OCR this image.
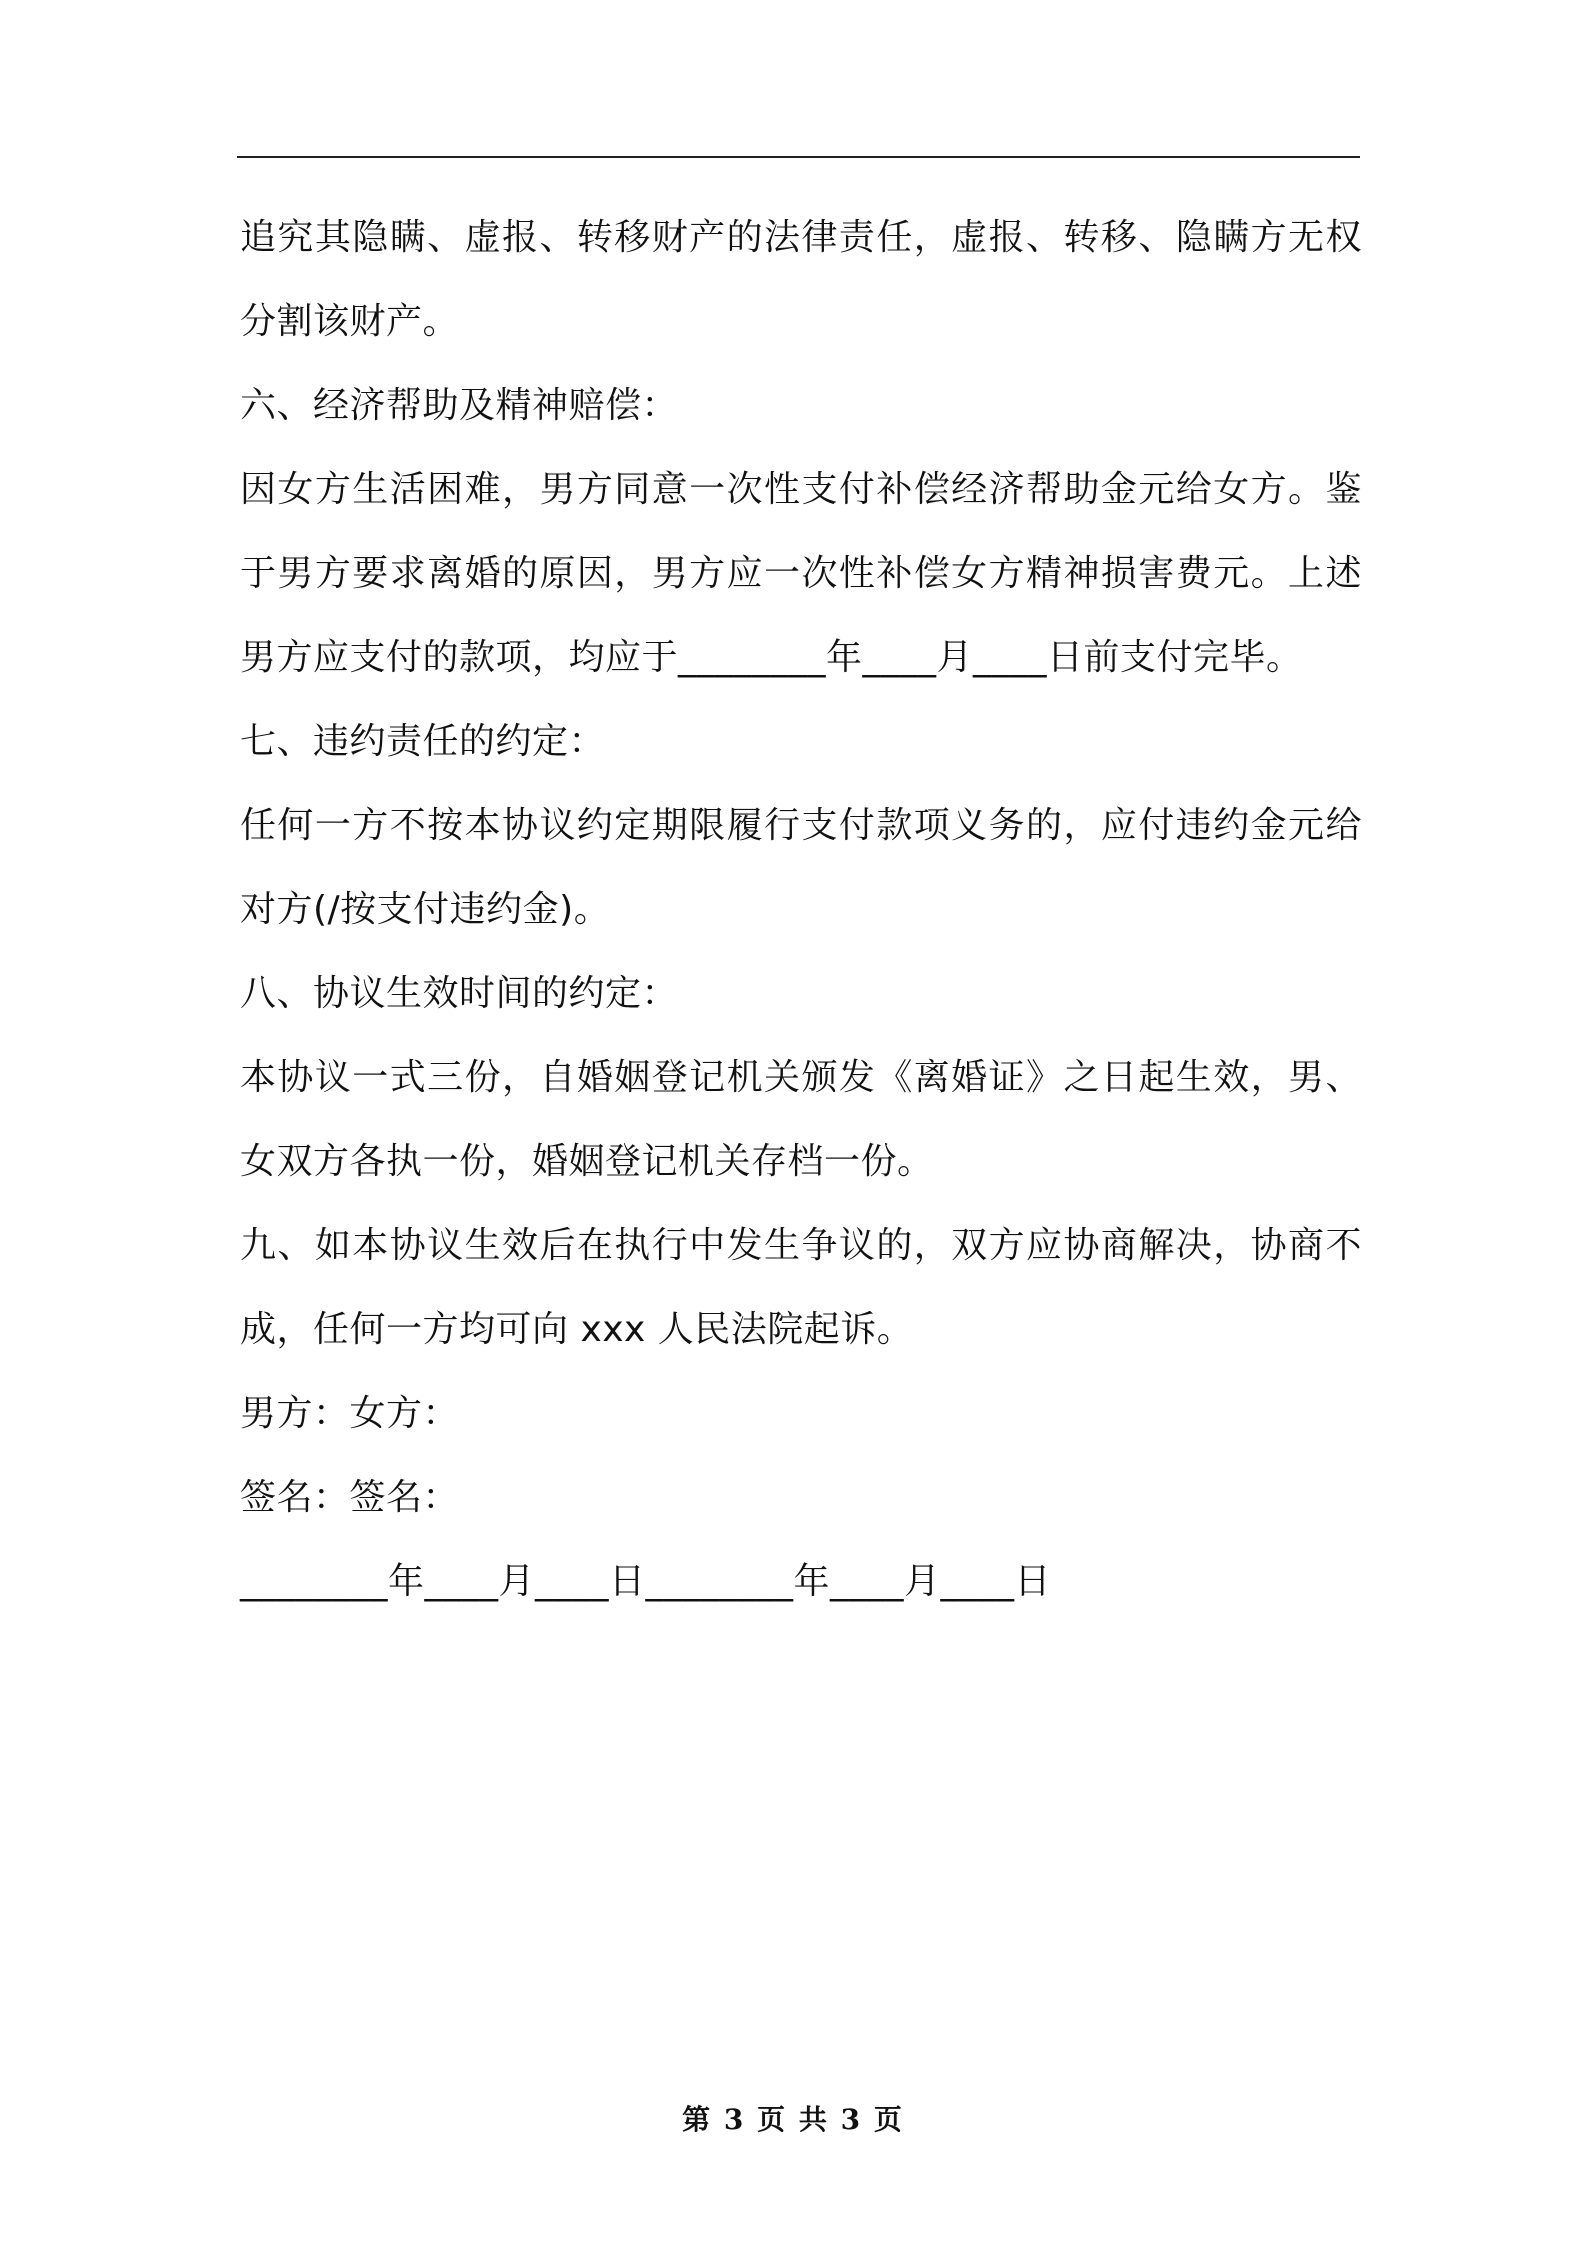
追究其隐瞒、虚报、转移财产的法律责任，虚报、转移、隐瞒方无权
分割该财产。
六、经济帮助及精神赔偿：
因女方生活困难，男方同意一次性支付补偿经济帮助金元给女方。鉴
于男方要求离婚的原因，男方应一次性补偿女方精神损害费元。上述
男方应支付的款项，均应于________年____月____日前支付完毕。
七、违约责任的约定：
任何一方不按本协议约定期限履行支付款项义务的，应付违约金元给
对方(/按支付违约金)。
八、协议生效时间的约定：
本协议一式三份，自婚姻登记机关颁发《离婚证》之日起生效，男、
女双方各执一份，婚姻登记机关存档一份。
九、如本协议生效后在执行中发生争议的，双方应协商解决，协商不
成，任何一方均可向 xxx 人民法院起诉。
男方：女方：
签名：签名：
________年____月____日________年____月____日
第 3 页 共 3 页
